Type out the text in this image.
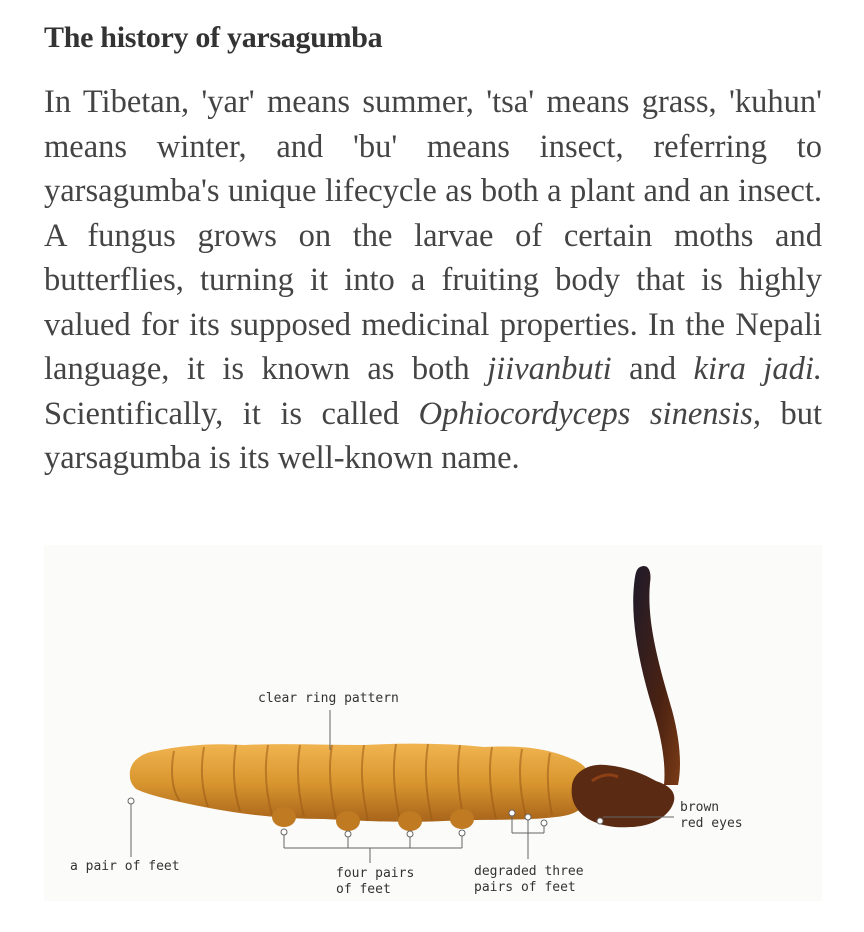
The history of yarsagumba

In Tibetan, 'yar' means summer, 'tsa' means grass, 'kuhun' means winter, and 'bu' means insect, referring to yarsagumba's unique lifecycle as both a plant and an insect. A fungus grows on the larvae of certain moths and butterflies, turning it into a fruiting body that is highly valued for its supposed medicinal properties. In the Nepali language, it is known as both jiivanbuti and kira jadi. Scientifically, it is called Ophiocordyceps sinensis, but yarsagumba is its well-known name.

clear ring pattern
a pair of feet	four pairs
of feet
degraded three
pairs of feet
brown
red eyes
